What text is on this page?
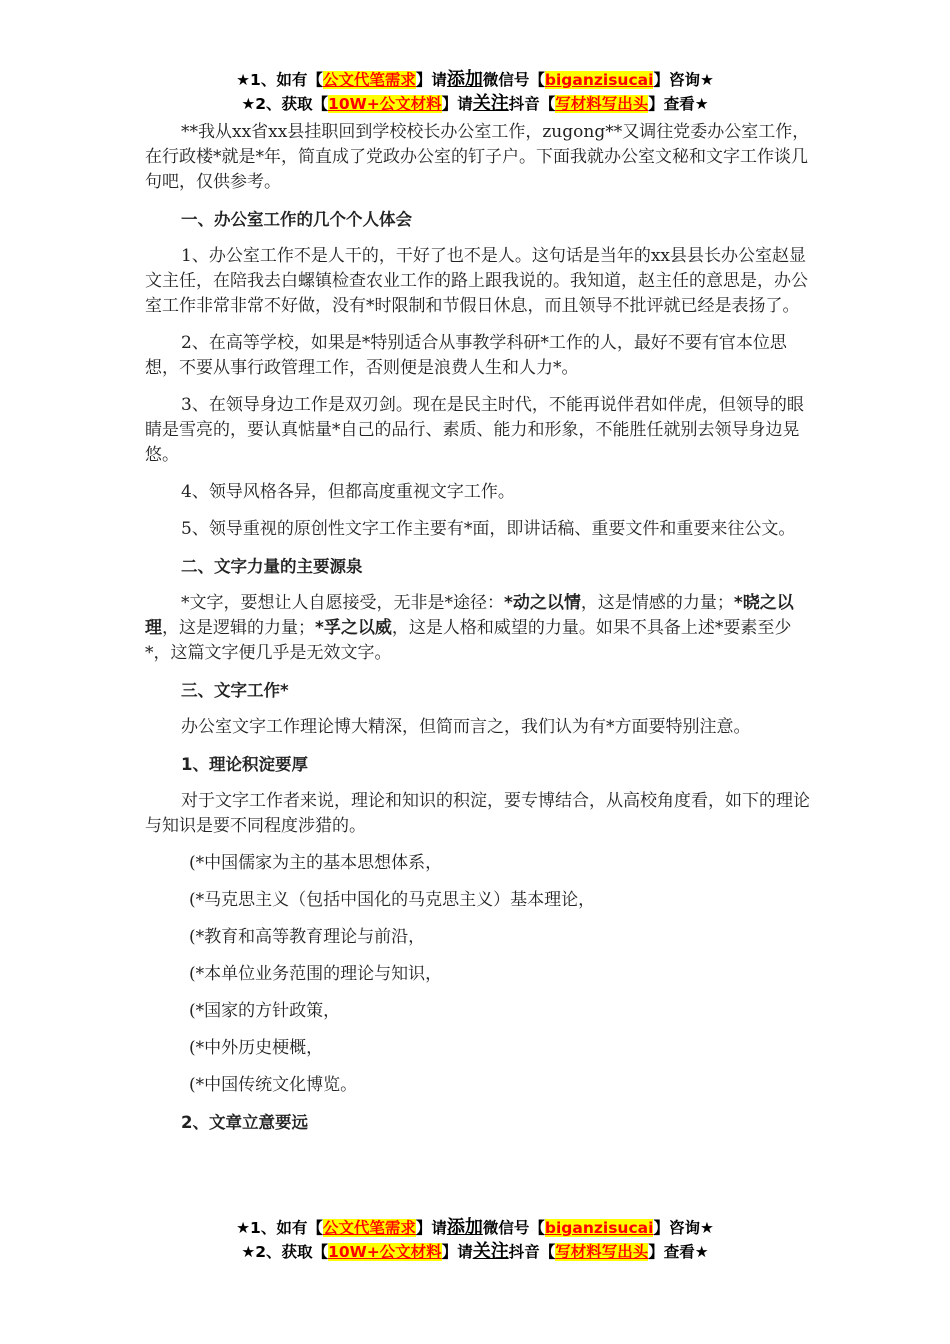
★1、如有【公文代笔需求】请添加微信号【biganzisucai】咨询★
★2、获取【10W+公文材料】请关注抖音【写材料写出头】查看★

**我从xx省xx县挂职回到学校校长办公室工作，zugong**又调往党委办公室工作，在行政楼*就是*年，简直成了党政办公室的钉子户。下面我就办公室文秘和文字工作谈几句吧，仅供参考。

一、办公室工作的几个个人体会

1、办公室工作不是人干的，干好了也不是人。这句话是当年的xx县县长办公室赵显文主任，在陪我去白螺镇检查农业工作的路上跟我说的。我知道，赵主任的意思是，办公室工作非常非常不好做，没有*时限制和节假日休息，而且领导不批评就已经是表扬了。

2、在高等学校，如果是*特别适合从事教学科研*工作的人，最好不要有官本位思想，不要从事行政管理工作，否则便是浪费人生和人力*。

3、在领导身边工作是双刃剑。现在是民主时代，不能再说伴君如伴虎，但领导的眼睛是雪亮的，要认真惦量*自己的品行、素质、能力和形象，不能胜任就别去领导身边晃悠。

4、领导风格各异，但都高度重视文字工作。

5、领导重视的原创性文字工作主要有*面，即讲话稿、重要文件和重要来往公文。

二、文字力量的主要源泉

*文字，要想让人自愿接受，无非是*途径：*动之以情，这是情感的力量；*晓之以理，这是逻辑的力量；*孚之以威，这是人格和威望的力量。如果不具备上述*要素至少*，这篇文字便几乎是无效文字。

三、文字工作*

办公室文字工作理论博大精深，但简而言之，我们认为有*方面要特别注意。

1、理论积淀要厚

对于文字工作者来说，理论和知识的积淀，要专博结合，从高校角度看，如下的理论与知识是要不同程度涉猎的。

(*中国儒家为主的基本思想体系，

(*马克思主义（包括中国化的马克思主义）基本理论，

(*教育和高等教育理论与前沿，

(*本单位业务范围的理论与知识，

(*国家的方针政策，

(*中外历史梗概，

(*中国传统文化博览。

2、文章立意要远

★1、如有【公文代笔需求】请添加微信号【biganzisucai】咨询★
★2、获取【10W+公文材料】请关注抖音【写材料写出头】查看★
